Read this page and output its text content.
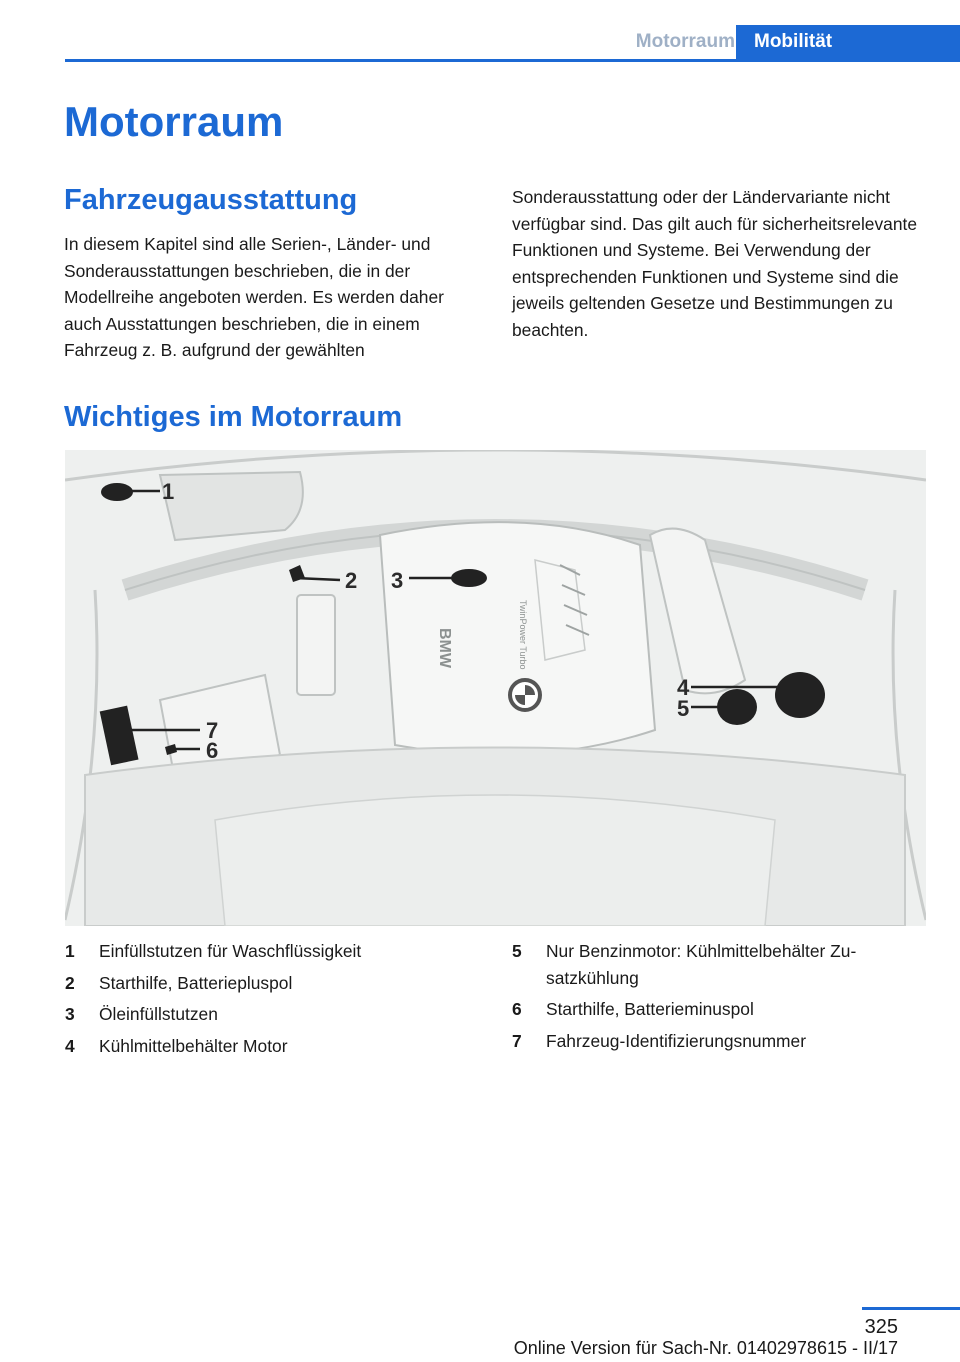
Motorraum	Mobilität
Motorraum
Fahrzeugausstattung

In diesem Kapitel sind alle Serien-, Länder- und Sonderausstattungen beschrieben, die in der Modellreihe angeboten werden. Es werden daher auch Ausstattungen beschrieben, die in einem Fahrzeug z. B. aufgrund der gewählten

Sonderausstattung oder der Ländervariante nicht verfügbar sind. Das gilt auch für sicherheitsrelevante Funktionen und Systeme. Bei Verwendung der entsprechenden Funktionen und Systeme sind die jeweils geltenden Gesetze und Bestimmungen zu beachten.

Wichtiges im Motorraum
BMW	TwinPower Turbo
1
2 3
4
5
7
6
1 Einfüllstutzen für Waschflüssigkeit
2 Starthilfe, Batteriepluspol
3 Öleinfüllstutzen
4 Kühlmittelbehälter Motor
5 Nur Benzinmotor: Kühlmittelbehälter Zusatzkühlung
6 Starthilfe, Batterieminuspol
7 Fahrzeug-Identifizierungsnummer
325
Online Version für Sach-Nr. 01402978615 - II/17
